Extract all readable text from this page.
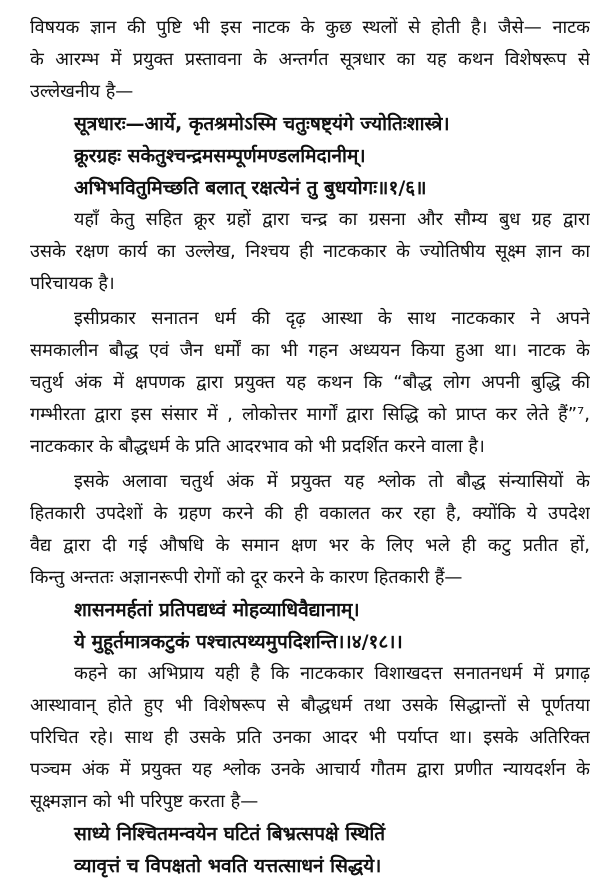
विषयक ज्ञान की पुष्टि भी इस नाटक के कुछ स्थलों से होती है। जैसे— नाटक
के आरम्भ में प्रयुक्त प्रस्तावना के अन्तर्गत सूत्रधार का यह कथन विशेषरूप से
उल्लेखनीय है—
सूत्रधारः—आर्ये, कृतश्रमोऽस्मि चतुःषष्ट्यंगे ज्योतिःशास्त्रे।
क्रूरग्रहः सकेतुश्चन्द्रमसम्पूर्णमण्डलमिदानीम्।
अभिभवितुमिच्छति बलात् रक्षत्येनं तु बुधयोगः॥१/६॥
यहाँ केतु सहित क्रूर ग्रहों द्वारा चन्द्र का ग्रसना और सौम्य बुध ग्रह द्वारा
उसके रक्षण कार्य का उल्लेख, निश्चय ही नाटककार के ज्योतिषीय सूक्ष्म ज्ञान का
परिचायक है।
इसीप्रकार सनातन धर्म की दृढ़ आस्था के साथ नाटककार ने अपने
समकालीन बौद्ध एवं जैन धर्मों का भी गहन अध्ययन किया हुआ था। नाटक के
चतुर्थ अंक में क्षपणक द्वारा प्रयुक्त यह कथन कि “बौद्ध लोग अपनी बुद्धि की
गम्भीरता द्वारा इस संसार में , लोकोत्तर मार्गों द्वारा सिद्धि को प्राप्त कर लेते हैं”⁷,
नाटककार के बौद्धधर्म के प्रति आदरभाव को भी प्रदर्शित करने वाला है।
इसके अलावा चतुर्थ अंक में प्रयुक्त यह श्लोक तो बौद्ध संन्यासियों के
हितकारी उपदेशों के ग्रहण करने की ही वकालत कर रहा है, क्योंकि ये उपदेश
वैद्य द्वारा दी गई औषधि के समान क्षण भर के लिए भले ही कटु प्रतीत हों,
किन्तु अन्ततः अज्ञानरूपी रोगों को दूर करने के कारण हितकारी हैं—
शासनमर्हतां प्रतिपद्यध्वं मोहव्याधिवैद्यानाम्।
ये मुहूर्तमात्रकटुकं पश्चात्पथ्यमुपदिशन्ति।।४/१८।।
कहने का अभिप्राय यही है कि नाटककार विशाखदत्त सनातनधर्म में प्रगाढ़
आस्थावान् होते हुए भी विशेषरूप से बौद्धधर्म तथा उसके सिद्धान्तों से पूर्णतया
परिचित रहे। साथ ही उसके प्रति उनका आदर भी पर्याप्त था। इसके अतिरिक्त
पञ्चम अंक में प्रयुक्त यह श्लोक उनके आचार्य गौतम द्वारा प्रणीत न्यायदर्शन के
सूक्ष्मज्ञान को भी परिपुष्ट करता है—
साध्ये निश्चितमन्वयेन घटितं बिभ्रत्सपक्षे स्थितिं
व्यावृत्तं च विपक्षतो भवति यत्तत्साधनं सिद्धये।
